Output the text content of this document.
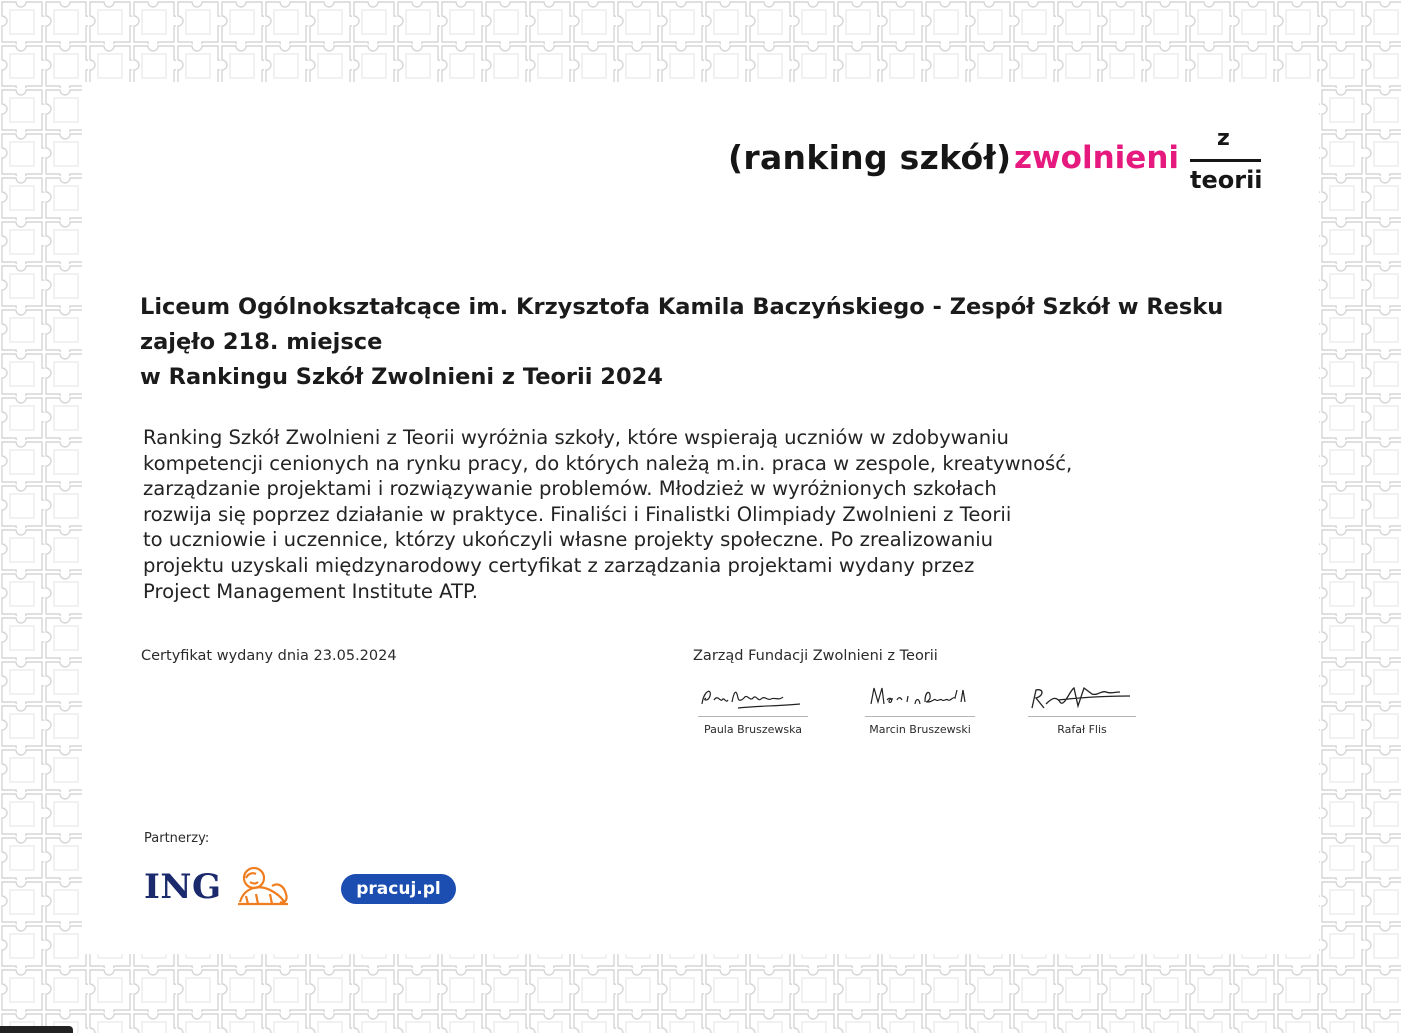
(ranking szkół) zwolnieni
z
teorii
Liceum Ogólnokształcące im. Krzysztofa Kamila Baczyńskiego - Zespół Szkół w Resku
zajęło 218. miejsce
w Rankingu Szkół Zwolnieni z Teorii 2024
Ranking Szkół Zwolnieni z Teorii wyróżnia szkoły, które wspierają uczniów w zdobywaniu
kompetencji cenionych na rynku pracy, do których należą m.in. praca w zespole, kreatywność,
zarządzanie projektami i rozwiązywanie problemów. Młodzież w wyróżnionych szkołach
rozwija się poprzez działanie w praktyce. Finaliści i Finalistki Olimpiady Zwolnieni z Teorii
to uczniowie i uczennice, którzy ukończyli własne projekty społeczne. Po zrealizowaniu
projektu uzyskali międzynarodowy certyfikat z zarządzania projektami wydany przez
Project Management Institute ATP.
Certyfikat wydany dnia 23.05.2024	Zarząd Fundacji Zwolnieni z Teorii
Paula Bruszewska	Marcin Bruszewski	Rafał Flis
Partnerzy:
ING	pracuj.pl
